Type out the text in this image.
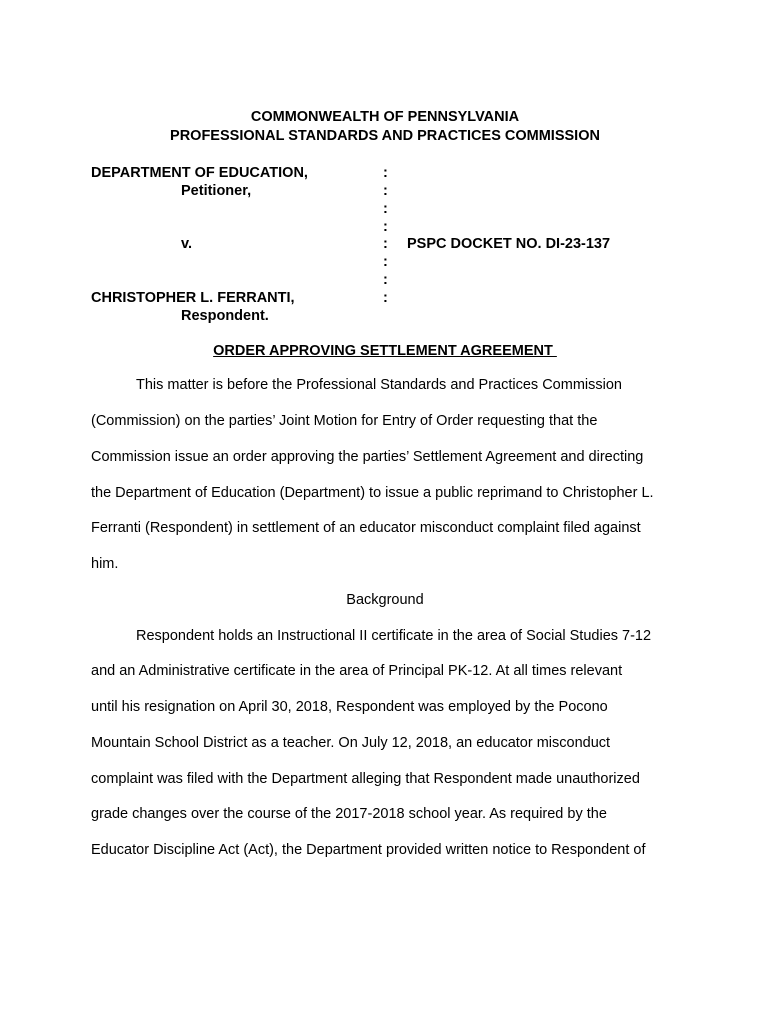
COMMONWEALTH OF PENNSYLVANIA
PROFESSIONAL STANDARDS AND PRACTICES COMMISSION
DEPARTMENT OF EDUCATION,
Petitioner,
v.
CHRISTOPHER L. FERRANTI,
Respondent.
:
:
:
:
:
:
:
:
PSPC DOCKET NO. DI-23-137
ORDER APPROVING SETTLEMENT AGREEMENT
This matter is before the Professional Standards and Practices Commission
(Commission) on the parties’ Joint Motion for Entry of Order requesting that the
Commission issue an order approving the parties’ Settlement Agreement and directing
the Department of Education (Department) to issue a public reprimand to Christopher L.
Ferranti (Respondent) in settlement of an educator misconduct complaint filed against
him.
Background
Respondent holds an Instructional II certificate in the area of Social Studies 7-12
and an Administrative certificate in the area of Principal PK-12. At all times relevant
until his resignation on April 30, 2018, Respondent was employed by the Pocono
Mountain School District as a teacher. On July 12, 2018, an educator misconduct
complaint was filed with the Department alleging that Respondent made unauthorized
grade changes over the course of the 2017-2018 school year. As required by the
Educator Discipline Act (Act), the Department provided written notice to Respondent of
